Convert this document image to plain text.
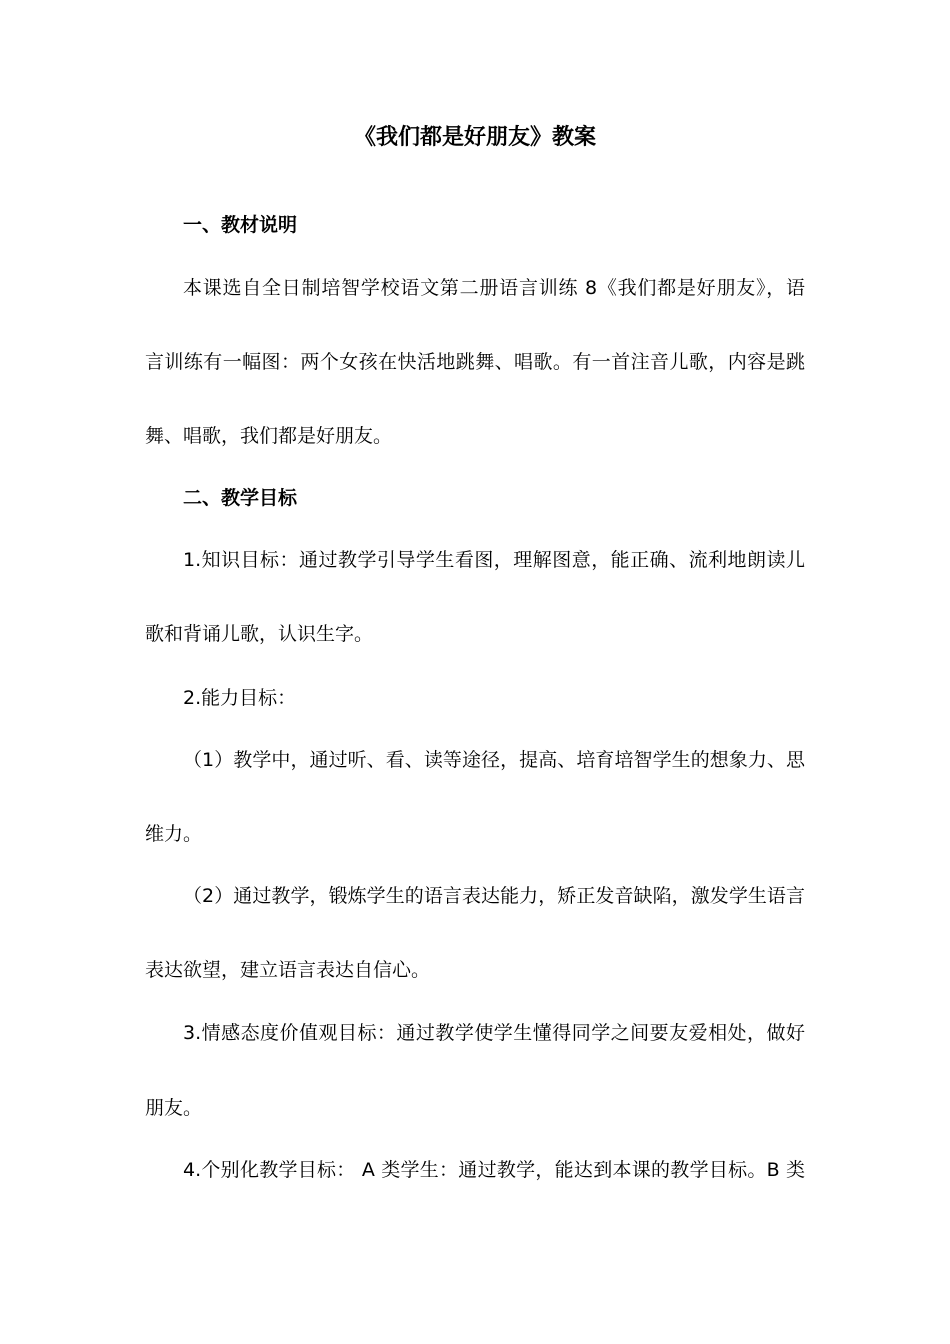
《我们都是好朋友》教案
一、教材说明
本课选自全日制培智学校语文第二册语言训练 8《我们都是好朋友》，语
言训练有一幅图：两个女孩在快活地跳舞、唱歌。有一首注音儿歌，内容是跳
舞、唱歌，我们都是好朋友。
二、教学目标
1.知识目标：通过教学引导学生看图，理解图意，能正确、流利地朗读儿
歌和背诵儿歌，认识生字。
2.能力目标：
（1）教学中，通过听、看、读等途径，提高、培育培智学生的想象力、思
维力。
（2）通过教学，锻炼学生的语言表达能力，矫正发音缺陷，激发学生语言
表达欲望，建立语言表达自信心。
3.情感态度价值观目标：通过教学使学生懂得同学之间要友爱相处，做好
朋友。
4.个别化教学目标： A 类学生：通过教学，能达到本课的教学目标。B 类
